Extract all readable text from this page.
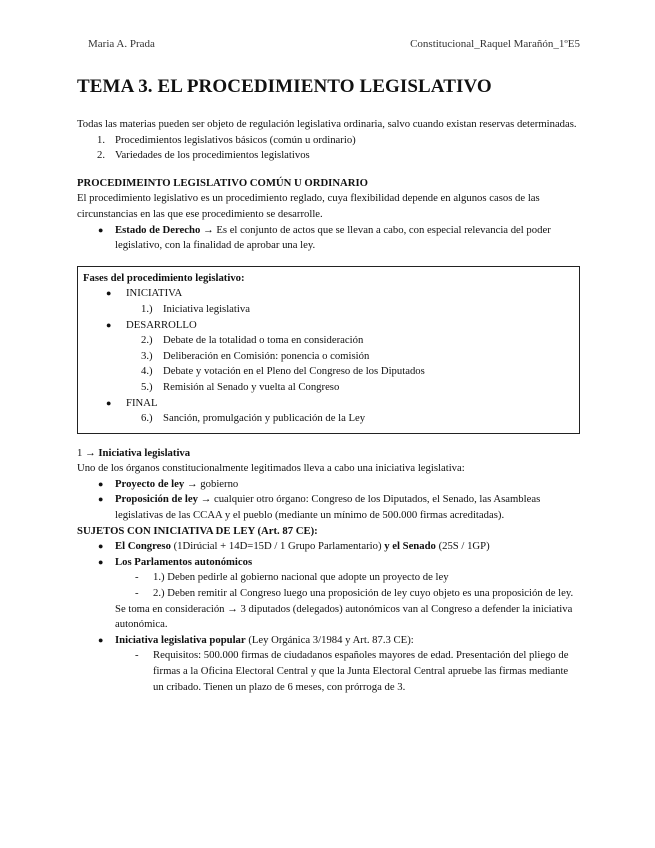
Maria A. Prada	Constitucional_Raquel Marañón_1ºE5
TEMA 3. EL PROCEDIMIENTO LEGISLATIVO

Todas las materias pueden ser objeto de regulación legislativa ordinaria, salvo cuando existan reservas determinadas.

1. Procedimientos legislativos básicos (común u ordinario)
2. Variedades de los procedimientos legislativos

PROCEDIMEINTO LEGISLATIVO COMÚN U ORDINARIO

El procedimiento legislativo es un procedimiento reglado, cuya flexibilidad depende en algunos casos de las circunstancias en las que ese procedimiento se desarrolle.

● Estado de Derecho → Es el conjunto de actos que se llevan a cabo, con especial relevancia del poder legislativo, con la finalidad de aprobar una ley.
Fases del procedimiento legislativo:
● INICIATIVA
1.) Iniciativa legislativa
● DESARROLLO
2.) Debate de la totalidad o toma en consideración
3.) Deliberación en Comisión: ponencia o comisión
4.) Debate y votación en el Pleno del Congreso de los Diputados
5.) Remisión al Senado y vuelta al Congreso
● FINAL
6.) Sanción, promulgación y publicación de la Ley

1 → Iniciativa legislativa

Uno de los órganos constitucionalmente legitimados lleva a cabo una iniciativa legislativa:

● Proyecto de ley → gobierno
● Proposición de ley → cualquier otro órgano: Congreso de los Diputados, el Senado, las Asambleas legislativas de las CCAA y el pueblo (mediante un mínimo de 500.000 firmas acreditadas).

SUJETOS CON INICIATIVA DE LEY (Art. 87 CE):

● El Congreso (1Dirúcial + 14D=15D / 1 Grupo Parlamentario) y el Senado (25S / 1GP)
● Los Parlamentos autonómicos
- 1.) Deben pedirle al gobierno nacional que adopte un proyecto de ley
- 2.) Deben remitir al Congreso luego una proposición de ley cuyo objeto es una proposición de ley.

Se toma en consideración → 3 diputados (delegados) autonómicos van al Congreso a defender la iniciativa autonómica.

● Iniciativa legislativa popular (Ley Orgánica 3/1984 y Art. 87.3 CE):
- Requisitos: 500.000 firmas de ciudadanos españoles mayores de edad. Presentación del pliego de firmas a la Oficina Electoral Central y que la Junta Electoral Central apruebe las firmas mediante un cribado. Tienen un plazo de 6 meses, con prórroga de 3.
